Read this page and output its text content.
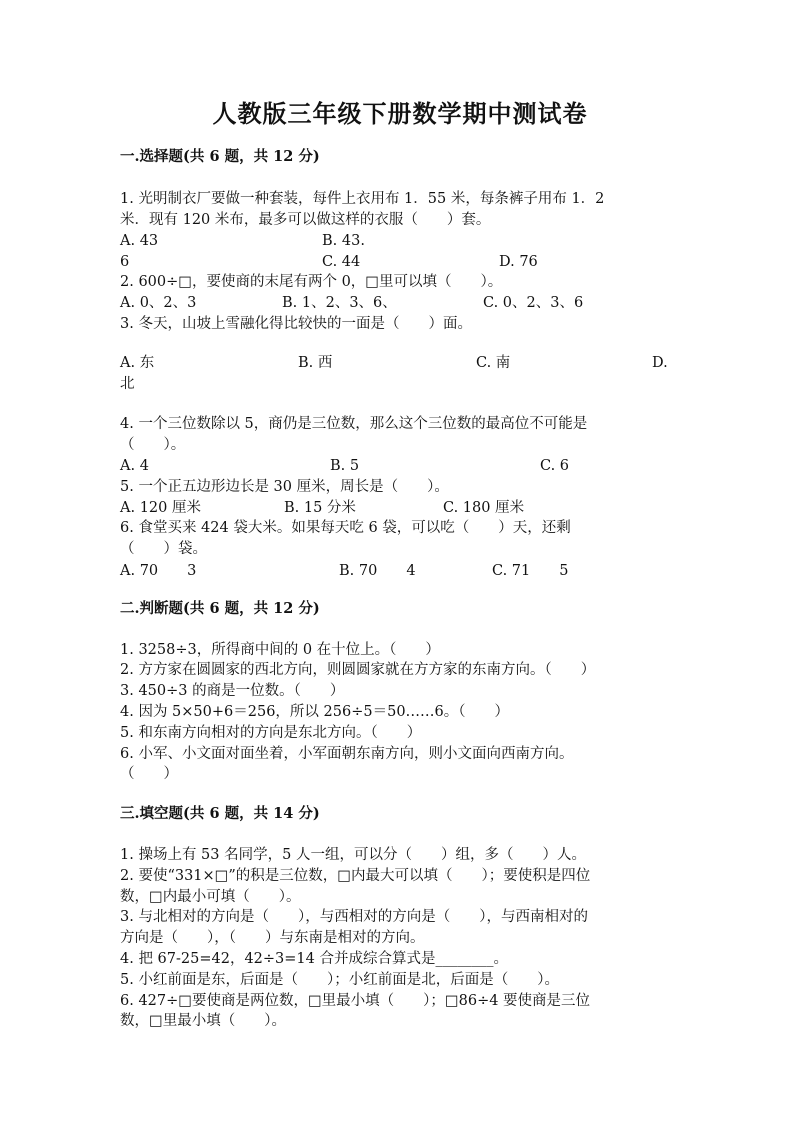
人教版三年级下册数学期中测试卷
一.选择题(共 6 题，共 12 分)
1. 光明制衣厂要做一种套装，每件上衣用布 1．55 米，每条裤子用布 1．2
米．现有 120 米布，最多可以做这样的衣服（　　）套。
A. 43	B. 43.
6	C. 44	D. 76
2. 600÷□，要使商的末尾有两个 0，□里可以填（　　）。
A. 0、2、3	B. 1、2、3、6、	C. 0、2、3、6
3. 冬天，山坡上雪融化得比较快的一面是（　　）面。
A. 东	B. 西	C. 南	D.
北
4. 一个三位数除以 5，商仍是三位数，那么这个三位数的最高位不可能是
（　　）。
A. 4	B. 5	C. 6
5. 一个正五边形边长是 30 厘米，周长是（　　）。
A. 120 厘米	B. 15 分米	C. 180 厘米
6. 食堂买来 424 袋大米。如果每天吃 6 袋，可以吃（　　）天，还剩
（　　）袋。
A. 70　　3	B. 70　　4	C. 71　　5
二.判断题(共 6 题，共 12 分)
1. 3258÷3，所得商中间的 0 在十位上。（　　）
2. 方方家在圆圆家的西北方向，则圆圆家就在方方家的东南方向。（　　）
3. 450÷3 的商是一位数。（　　）
4. 因为 5×50+6＝256，所以 256÷5＝50……6。（　　）
5. 和东南方向相对的方向是东北方向。（　　）
6. 小军、小文面对面坐着，小军面朝东南方向，则小文面向西南方向。
（　　）
三.填空题(共 6 题，共 14 分)
1. 操场上有 53 名同学，5 人一组，可以分（　　）组，多（　　）人。
2. 要使“331×□”的积是三位数，□内最大可以填（　　）；要使积是四位
数，□内最小可填（　　）。
3. 与北相对的方向是（　　），与西相对的方向是（　　），与西南相对的
方向是（　　），（　　）与东南是相对的方向。
4. 把 67-25=42，42÷3=14 合并成综合算式是________。
5. 小红前面是东，后面是（　　）；小红前面是北，后面是（　　）。
6. 427÷□要使商是两位数，□里最小填（　　）；□86÷4 要使商是三位
数，□里最小填（　　）。
